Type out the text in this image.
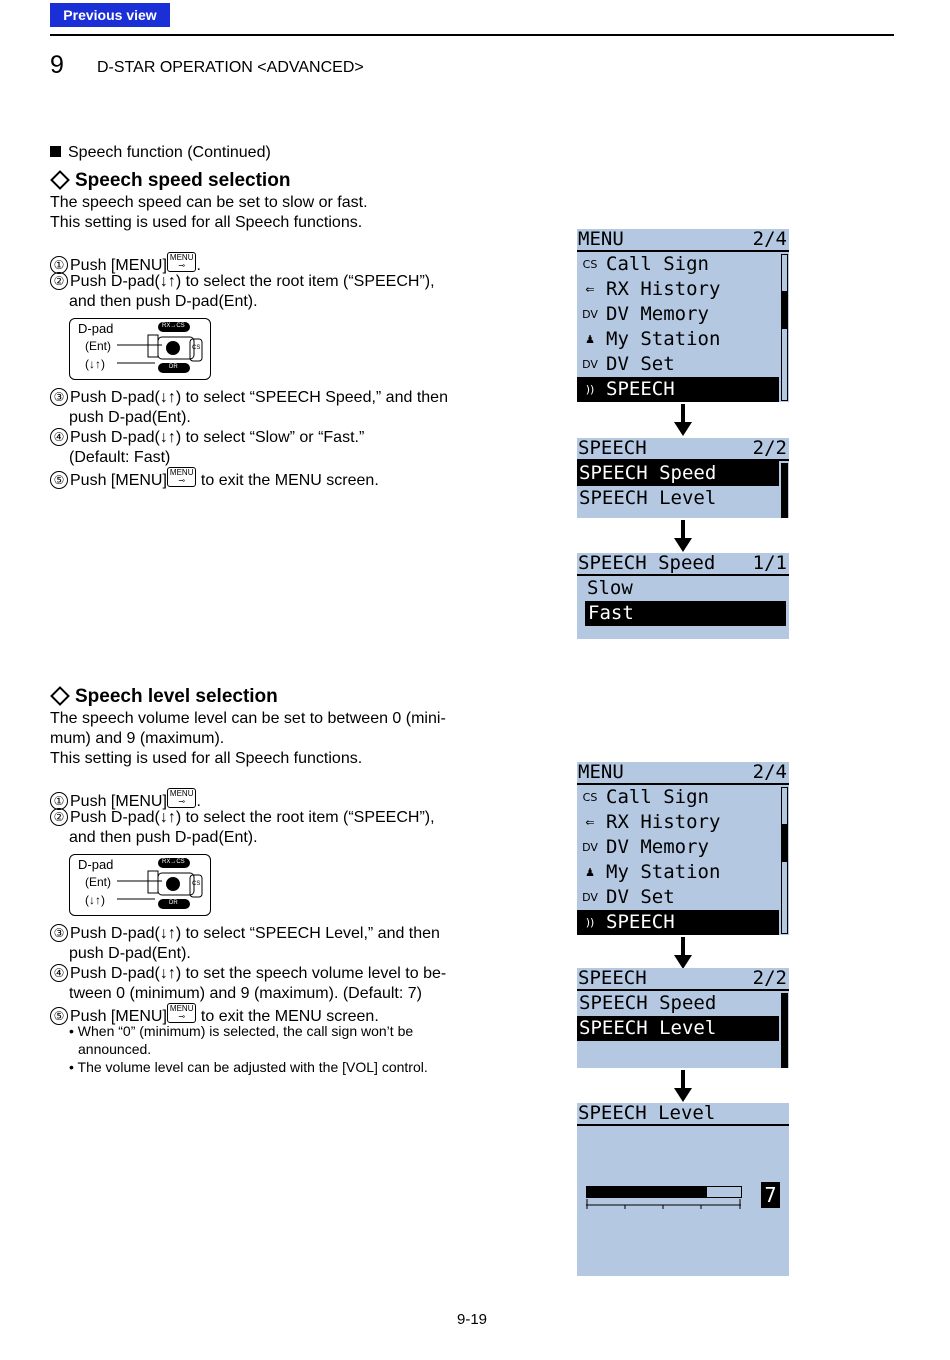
Previous view
9 D-STAR OPERATION <ADVANCED>
Speech function (Continued)
Speech speed selection
The speech speed can be set to slow or fast.
This setting is used for all Speech functions.
① Push [MENU] MENU
⊸ .
② Push D-pad(↓↑) to select the root item (“SPEECH”),
and then push D-pad(Ent).
D-pad
(Ent)
(↓↑)
RX→CS
DR
CS
③ Push D-pad(↓↑) to select “SPEECH Speed,” and then
push D-pad(Ent).
④ Push D-pad(↓↑) to select “Slow” or “Fast.”
(Default: Fast)
⑤ Push [MENU] MENU
⊸ to exit the MENU screen.
Speech level selection
The speech volume level can be set to between 0 (mini-
mum) and 9 (maximum).
This setting is used for all Speech functions.
① Push [MENU] MENU
⊸ .
② Push D-pad(↓↑) to select the root item (“SPEECH”),
and then push D-pad(Ent).
D-pad
(Ent)
(↓↑)
RX→CS
DR
CS
③ Push D-pad(↓↑) to select “SPEECH Level,” and then
push D-pad(Ent).
④ Push D-pad(↓↑) to set the speech volume level to be-
tween 0 (minimum) and 9 (maximum). (Default: 7)
⑤ Push [MENU] MENU
⊸ to exit the MENU screen.
• When “0” (minimum) is selected, the call sign won’t be
announced.
• The volume level can be adjusted with the [VOL] control.
MENU	2/4
CS Call Sign
⇐ RX History
DV DV Memory
♟ My Station
DV DV Set
)) SPEECH
SPEECH	2/2
SPEECH Speed
SPEECH Level
SPEECH Speed 1/1
Slow
Fast
MENU	2/4
CS Call Sign
⇐ RX History
DV DV Memory
♟ My Station
DV DV Set
)) SPEECH
SPEECH	2/2
SPEECH Speed
SPEECH Level
SPEECH Level
7
9-19
